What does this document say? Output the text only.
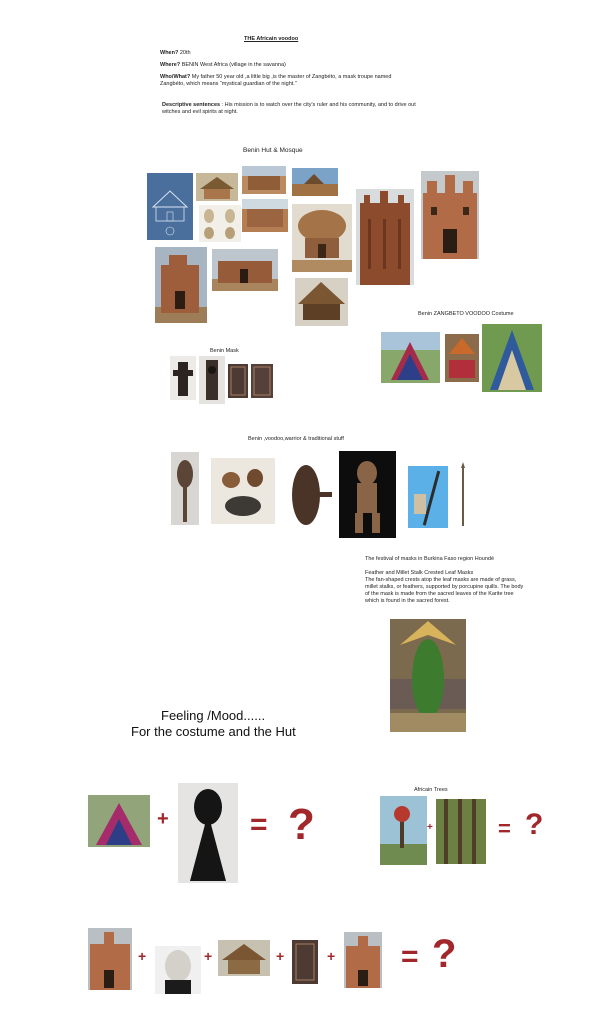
THE Africain voodoo
When? 20th
Where? BENIN West Africa (village in the savanna)
Who/What? My father 50 year old ,a little big ,is the master of Zangbéto, a mask troupe named Zangbéto, which means “mystical guardian of the night.”
Descriptive sentences : His mission is to watch over the city's ruler and his community, and to drive out witches and evil spirits at night.
Benin Hut & Mosque
Benin ZANGBETO VOODOO Costume
Benin Mask
Benin ,voodoo,warrior & traditional stuff
The festival of masks in Burkina Faso region Houndé
Feather and Millet Stalk Crested Leaf Masks
The fan-shaped crests atop the leaf masks are made of grass, millet stalks, or feathers, supported by porcupine quills. The body of the mask is made from the sacred leaves of the Karite tree which is found in the sacred forest.
Feeling /Mood......
For the costume and the Hut
+	= ?
Africain Trees
+	= ?
+	+	+	+ = ?
